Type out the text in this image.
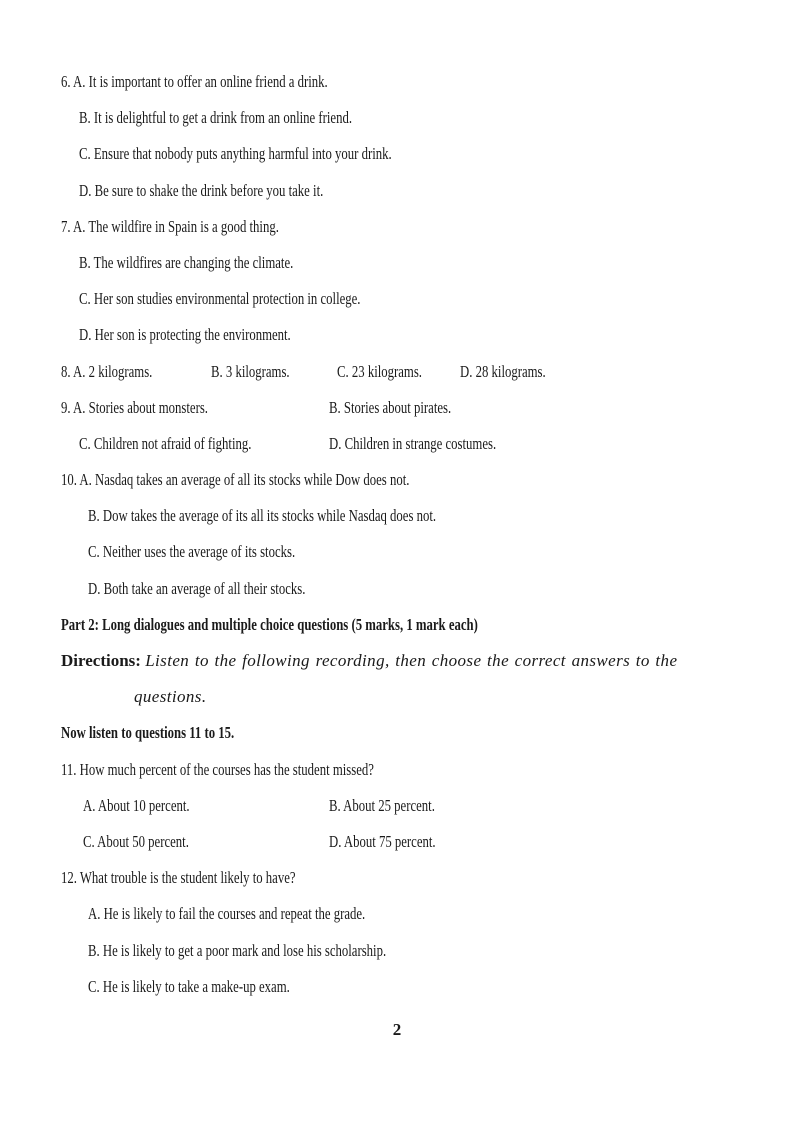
6. A. It is important to offer an online friend a drink.
B. It is delightful to get a drink from an online friend.
C. Ensure that nobody puts anything harmful into your drink.
D. Be sure to shake the drink before you take it.
7. A. The wildfire in Spain is a good thing.
B. The wildfires are changing the climate.
C. Her son studies environmental protection in college.
D. Her son is protecting the environment.
8. A. 2 kilograms.	B. 3 kilograms.	C. 23 kilograms. D. 28 kilograms.
9. A. Stories about monsters.	B. Stories about pirates.
C. Children not afraid of fighting.	D. Children in strange costumes.
10. A. Nasdaq takes an average of all its stocks while Dow does not.
B. Dow takes the average of its all its stocks while Nasdaq does not.
C. Neither uses the average of its stocks.
D. Both take an average of all their stocks.
Part 2: Long dialogues and multiple choice questions (5 marks, 1 mark each)
Directions: Listen to the following recording, then choose the correct answers to the
questions.
Now listen to questions 11 to 15.
11. How much percent of the courses has the student missed?
A. About 10 percent.	B. About 25 percent.
C. About 50 percent.	D. About 75 percent.
12. What trouble is the student likely to have?
A. He is likely to fail the courses and repeat the grade.
B. He is likely to get a poor mark and lose his scholarship.
C. He is likely to take a make-up exam.
2
